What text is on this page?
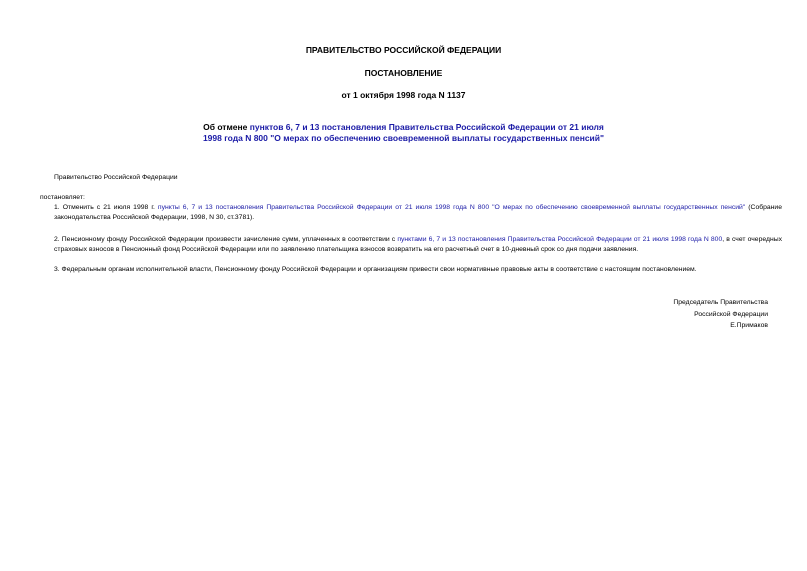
ПРАВИТЕЛЬСТВО РОССИЙСКОЙ ФЕДЕРАЦИИ
ПОСТАНОВЛЕНИЕ
от 1 октября 1998 года N 1137
Об отмене пунктов 6, 7 и 13 постановления Правительства Российской Федерации от 21 июля 1998 года N 800 "О мерах по обеспечению своевременной выплаты государственных пенсий"
Правительство Российской Федерации
постановляет:
1. Отменить с 21 июля 1998 г. пункты 6, 7 и 13 постановления Правительства Российской Федерации от 21 июля 1998 года N 800 "О мерах по обеспечению своевременной выплаты государственных пенсий" (Собрание законодательства Российской Федерации, 1998, N 30, ст.3781).
2. Пенсионному фонду Российской Федерации произвести зачисление сумм, уплаченных в соответствии с пунктами 6, 7 и 13 постановления Правительства Российской Федерации от 21 июля 1998 года N 800, в счет очередных страховых взносов в Пенсионный фонд Российской Федерации или по заявлению плательщика взносов возвратить на его расчетный счет в 10-дневный срок со дня подачи заявления.
3. Федеральным органам исполнительной власти, Пенсионному фонду Российской Федерации и организациям привести свои нормативные правовые акты в соответствие с настоящим постановлением.
Председатель Правительства
Российской Федерации
Е.Примаков
